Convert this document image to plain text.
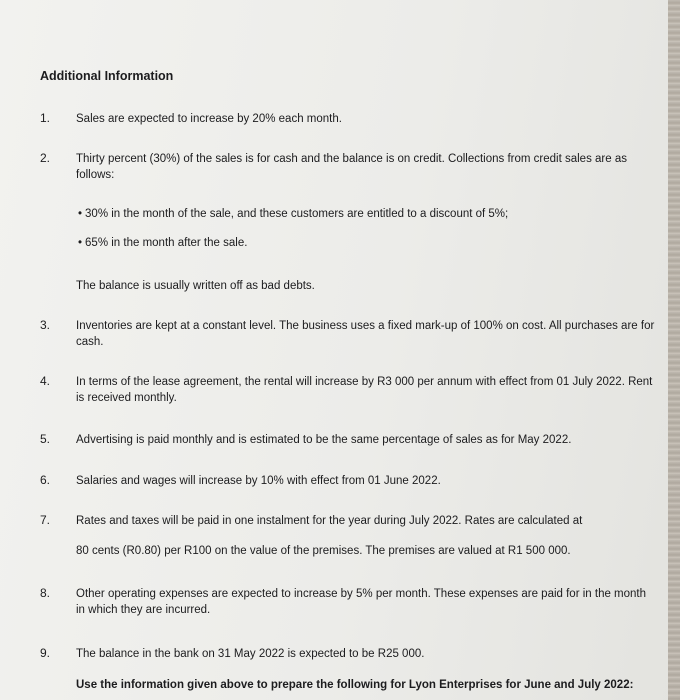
Additional Information
1. Sales are expected to increase by 20% each month.
2. Thirty percent (30%) of the sales is for cash and the balance is on credit. Collections from credit sales are as follows:
• 30% in the month of the sale, and these customers are entitled to a discount of 5%;
• 65% in the month after the sale.
The balance is usually written off as bad debts.
3. Inventories are kept at a constant level. The business uses a fixed mark-up of 100% on cost. All purchases are for cash.
4. In terms of the lease agreement, the rental will increase by R3 000 per annum with effect from 01 July 2022. Rent is received monthly.
5. Advertising is paid monthly and is estimated to be the same percentage of sales as for May 2022.
6. Salaries and wages will increase by 10% with effect from 01 June 2022.
7. Rates and taxes will be paid in one instalment for the year during July 2022. Rates are calculated at
80 cents (R0.80) per R100 on the value of the premises. The premises are valued at R1 500 000.
8. Other operating expenses are expected to increase by 5% per month. These expenses are paid for in the month in which they are incurred.
9. The balance in the bank on 31 May 2022 is expected to be R25 000.
Use the information given above to prepare the following for Lyon Enterprises for June and July 2022:
